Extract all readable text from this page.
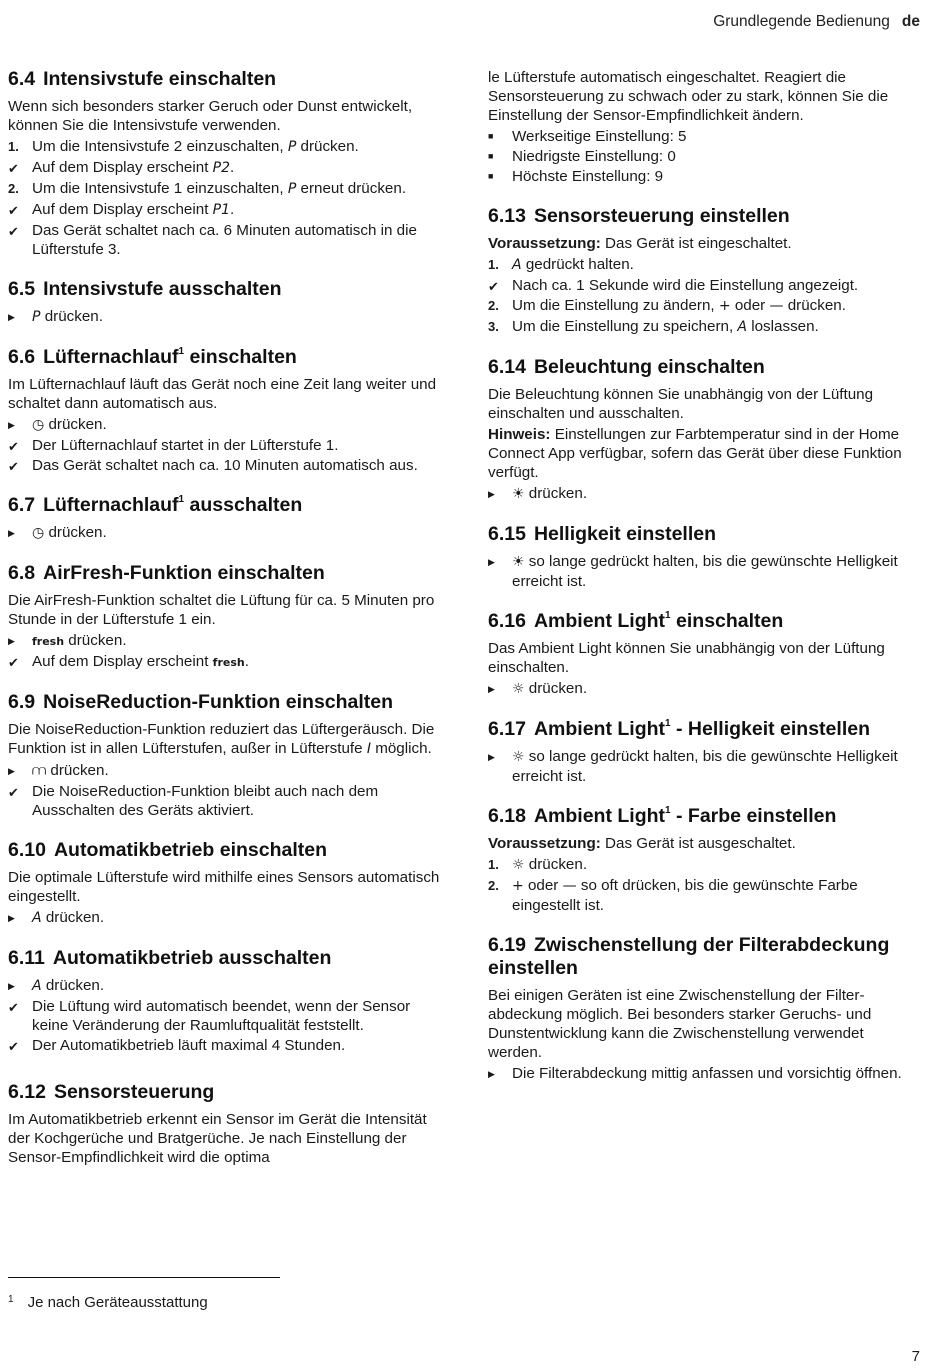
Grundlegende Bedienung de
6.4 Intensivstufe einschalten

Wenn sich besonders starker Geruch oder Dunst entwickelt, können Sie die Intensivstufe verwenden.

1. Um die Intensivstufe 2 einzuschalten, P drücken.
✔ Auf dem Display erscheint P2.
2. Um die Intensivstufe 1 einzuschalten, P erneut drücken.
✔ Auf dem Display erscheint P1.
✔ Das Gerät schaltet nach ca. 6 Minuten automatisch in die Lüfterstufe 3.
6.5 Intensivstufe ausschalten
▶	P drücken.
6.6 Lüfternachlauf$^1$ einschalten

Im Lüfternachlauf läuft das Gerät noch eine Zeit lang weiter und schaltet dann automatisch aus.

▶	◷ drücken.
✔ Der Lüfternachlauf startet in der Lüfterstufe 1.
✔ Das Gerät schaltet nach ca. 10 Minuten automatisch aus.
6.7 Lüfternachlauf$^1$ ausschalten
▶	◷ drücken.
6.8 AirFresh-Funktion einschalten

Die AirFresh-Funktion schaltet die Lüftung für ca. 5 Minuten pro Stunde in der Lüfterstufe 1 ein.

▶	fresh drücken.
✔ Auf dem Display erscheint fresh.
6.9 NoiseReduction-Funktion einschalten

Die NoiseReduction-Funktion reduziert das Lüftergeräusch. Die Funktion ist in allen Lüfterstufen, außer in Lüfterstufe I möglich.

▶	⩋ drücken.
✔ Die NoiseReduction-Funktion bleibt auch nach dem Ausschalten des Geräts aktiviert.
6.10 Automatikbetrieb einschalten

Die optimale Lüfterstufe wird mithilfe eines Sensors automatisch eingestellt.

▶	A drücken.
6.11 Automatikbetrieb ausschalten
▶	A drücken.
✔ Die Lüftung wird automatisch beendet, wenn der Sensor keine Veränderung der Raumluftqualität feststellt.
✔ Der Automatikbetrieb läuft maximal 4 Stunden.
6.12 Sensorsteuerung

Im Automatikbetrieb erkennt ein Sensor im Gerät die Intensität der Kochgerüche und Bratgerüche. Je nach Einstellung der Sensor-Empfindlichkeit wird die optima

le Lüfterstufe automatisch eingeschaltet. Reagiert die Sensorsteuerung zu schwach oder zu stark, können Sie die Einstellung der Sensor-Empfindlichkeit ändern.

■	Werkseitige Einstellung: 5
■	Niedrigste Einstellung: 0
■	Höchste Einstellung: 9
6.13 Sensorsteuerung einstellen

Voraussetzung: Das Gerät ist eingeschaltet.

1. A gedrückt halten.
✔ Nach ca. 1 Sekunde wird die Einstellung angezeigt.
2. Um die Einstellung zu ändern, + oder — drücken.
3. Um die Einstellung zu speichern, A loslassen.
6.14 Beleuchtung einschalten

Die Beleuchtung können Sie unabhängig von der Lüftung einschalten und ausschalten.

Hinweis: Einstellungen zur Farbtemperatur sind in der Home Connect App verfügbar, sofern das Gerät über diese Funktion verfügt.

▶	☀ drücken.
6.15 Helligkeit einstellen
▶	☀ so lange gedrückt halten, bis die gewünschte Helligkeit erreicht ist.
6.16 Ambient Light$^1$ einschalten

Das Ambient Light können Sie unabhängig von der Lüftung einschalten.

▶	☼ drücken.
6.17 Ambient Light$^1$ - Helligkeit einstellen
▶	☼ so lange gedrückt halten, bis die gewünschte Helligkeit erreicht ist.
6.18 Ambient Light$^1$ - Farbe einstellen

Voraussetzung: Das Gerät ist ausgeschaltet.

1. ☼ drücken.
2. + oder — so oft drücken, bis die gewünschte Farbe eingestellt ist.
6.19 Zwischenstellung der Filterabdeckung einstellen

Bei einigen Geräten ist eine Zwischenstellung der Filterabdeckung möglich. Bei besonders starker Geruchs- und Dunstentwicklung kann die Zwischenstellung verwendet werden.

▶	Die Filterabdeckung mittig anfassen und vorsichtig öffnen.
$^1$ Je nach Geräteausstattung
7
